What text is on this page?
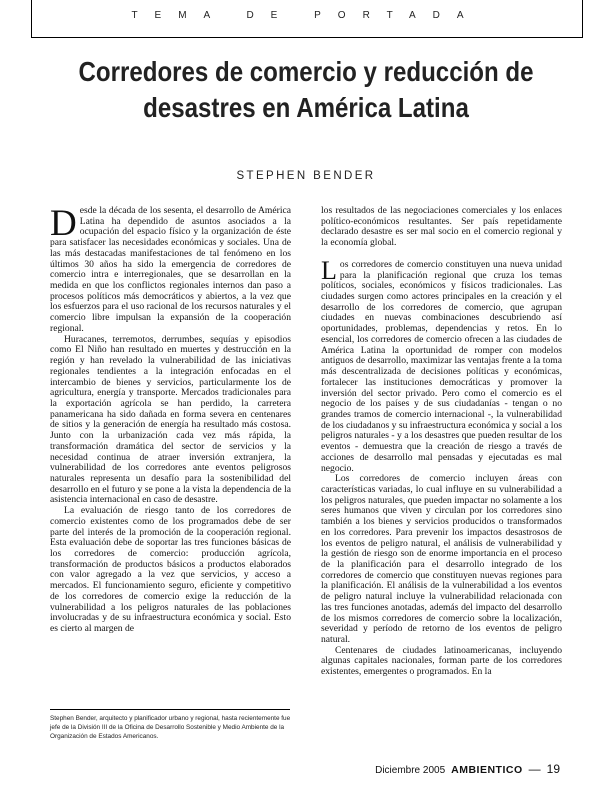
TEMA DE PORTADA
Corredores de comercio y reducción de desastres en América Latina
STEPHEN BENDER

Desde la década de los sesenta, el desarrollo de América Latina ha dependido de asuntos asociados a la ocupación del espacio físico y la organización de éste para satisfacer las necesidades económicas y sociales. Una de las más destacadas manifestaciones de tal fenómeno en los últimos 30 años ha sido la emergencia de corredores de comercio intra e interregionales, que se desarrollan en la medida en que los conflictos regionales internos dan paso a procesos políticos más democráticos y abiertos, a la vez que los esfuerzos para el uso racional de los recursos naturales y el comercio libre impulsan la expansión de la cooperación regional.

Huracanes, terremotos, derrumbes, sequías y episodios como El Niño han resultado en muertes y destrucción en la región y han revelado la vulnerabilidad de las iniciativas regionales tendientes a la integración enfocadas en el intercambio de bienes y servicios, particularmente los de agricultura, energía y transporte. Mercados tradicionales para la exportación agrícola se han perdido, la carretera panamericana ha sido dañada en forma severa en centenares de sitios y la generación de energía ha resultado más costosa. Junto con la urbanización cada vez más rápida, la transformación dramática del sector de servicios y la necesidad continua de atraer inversión extranjera, la vulnerabilidad de los corredores ante eventos peligrosos naturales representa un desafío para la sostenibilidad del desarrollo en el futuro y se pone a la vista la dependencia de la asistencia internacional en caso de desastre.

La evaluación de riesgo tanto de los corredores de comercio existentes como de los programados debe de ser parte del interés de la promoción de la cooperación regional. Esta evaluación debe de soportar las tres funciones básicas de los corredores de comercio: producción agrícola, transformación de productos básicos a productos elaborados con valor agregado a la vez que servicios, y acceso a mercados. El funcionamiento seguro, eficiente y competitivo de los corredores de comercio exige la reducción de la vulnerabilidad a los peligros naturales de las poblaciones involucradas y de su infraestructura económica y social. Esto es cierto al margen de

los resultados de las negociaciones comerciales y los enlaces político-económicos resultantes. Ser país repetidamente declarado desastre es ser mal socio en el comercio regional y la economía global.

Los corredores de comercio constituyen una nueva unidad para la planificación regional que cruza los temas políticos, sociales, económicos y físicos tradicionales. Las ciudades surgen como actores principales en la creación y el desarrollo de los corredores de comercio, que agrupan ciudades en nuevas combinaciones descubriendo así oportunidades, problemas, dependencias y retos. En lo esencial, los corredores de comercio ofrecen a las ciudades de América Latina la oportunidad de romper con modelos antiguos de desarrollo, maximizar las ventajas frente a la toma más descentralizada de decisiones políticas y económicas, fortalecer las instituciones democráticas y promover la inversión del sector privado. Pero como el comercio es el negocio de los países y de sus ciudadanías - tengan o no grandes tramos de comercio internacional -, la vulnerabilidad de los ciudadanos y su infraestructura económica y social a los peligros naturales - y a los desastres que pueden resultar de los eventos - demuestra que la creación de riesgo a través de acciones de desarrollo mal pensadas y ejecutadas es mal negocio.

Los corredores de comercio incluyen áreas con características variadas, lo cual influye en su vulnerabilidad a los peligros naturales, que pueden impactar no solamente a los seres humanos que viven y circulan por los corredores sino también a los bienes y servicios producidos o transformados en los corredores. Para prevenir los impactos desastrosos de los eventos de peligro natural, el análisis de vulnerabilidad y la gestión de riesgo son de enorme importancia en el proceso de la planificación para el desarrollo integrado de los corredores de comercio que constituyen nuevas regiones para la planificación. El análisis de la vulnerabilidad a los eventos de peligro natural incluye la vulnerabilidad relacionada con las tres funciones anotadas, además del impacto del desarrollo de los mismos corredores de comercio sobre la localización, severidad y período de retorno de los eventos de peligro natural.

Centenares de ciudades latinoamericanas, incluyendo algunas capitales nacionales, forman parte de los corredores existentes, emergentes o programados. En la

Stephen Bender, arquitecto y planificador urbano y regional, hasta recientemente fue jefe de la División III de la Oficina de Desarrollo Sostenible y Medio Ambiente de la Organización de Estados Americanos.
Diciembre 2005 AMBIENTICO — 19
